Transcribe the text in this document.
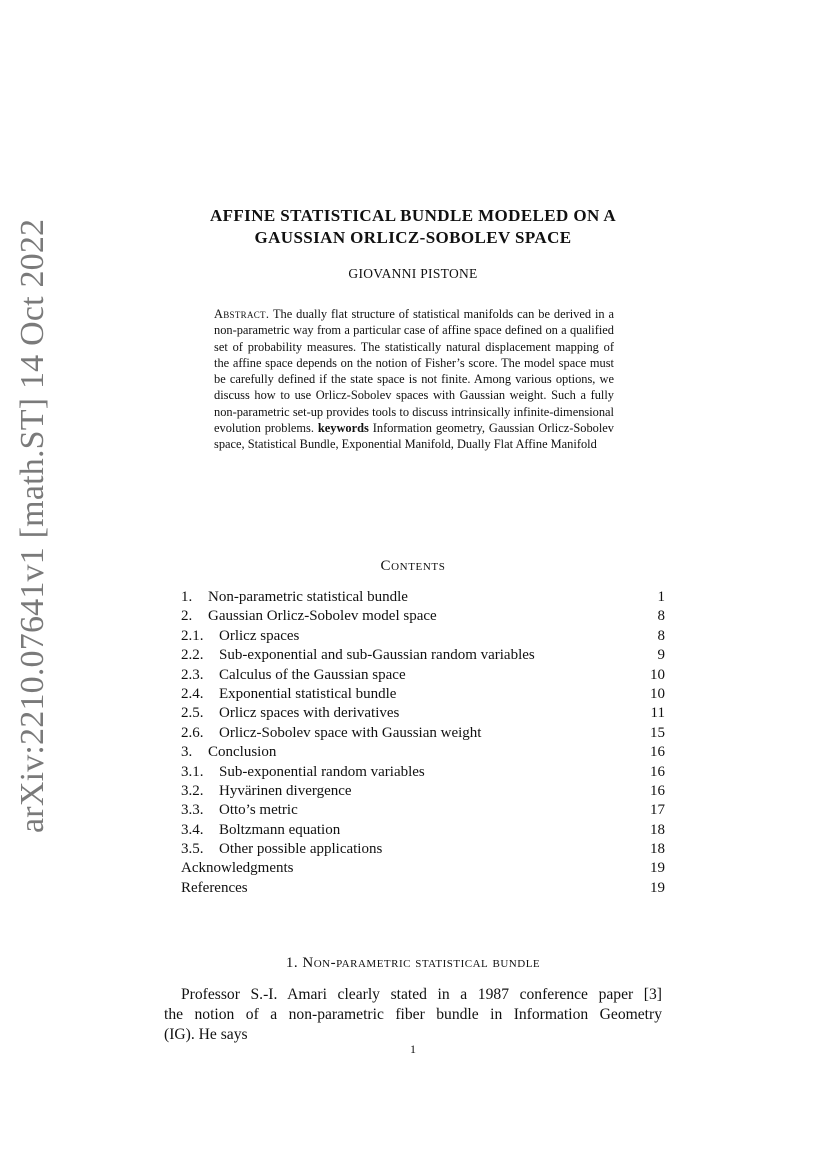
arXiv:2210.07641v1 [math.ST] 14 Oct 2022
AFFINE STATISTICAL BUNDLE MODELED ON A
GAUSSIAN ORLICZ-SOBOLEV SPACE
GIOVANNI PISTONE
Abstract. The dually flat structure of statistical manifolds can be derived in a non-parametric way from a particular case of affine space defined on a qualified set of probability measures. The statistically natural displacement mapping of the affine space depends on the notion of Fisher’s score. The model space must be carefully defined if the state space is not finite. Among various options, we discuss how to use Orlicz-Sobolev spaces with Gaussian weight. Such a fully non-parametric set-up provides tools to discuss intrinsically infinite-dimensional evolution problems. keywords Information geometry, Gaussian Orlicz-Sobolev space, Statistical Bundle, Exponential Manifold, Dually Flat Affine Manifold
Contents
1.	Non-parametric statistical bundle	1
2.	Gaussian Orlicz-Sobolev model space	8
2.1.	Orlicz spaces	8
2.2.	Sub-exponential and sub-Gaussian random variables	9
2.3.	Calculus of the Gaussian space	10
2.4.	Exponential statistical bundle	10
2.5.	Orlicz spaces with derivatives	11
2.6.	Orlicz-Sobolev space with Gaussian weight	15
3.	Conclusion	16
3.1.	Sub-exponential random variables	16
3.2.	Hyvärinen divergence	16
3.3.	Otto’s metric	17
3.4.	Boltzmann equation	18
3.5.	Other possible applications	18
Acknowledgments	19
References	19
1. Non-parametric statistical bundle
Professor S.-I. Amari clearly stated in a 1987 conference paper [3]
the notion of a non-parametric fiber bundle in Information Geometry
(IG). He says
1
